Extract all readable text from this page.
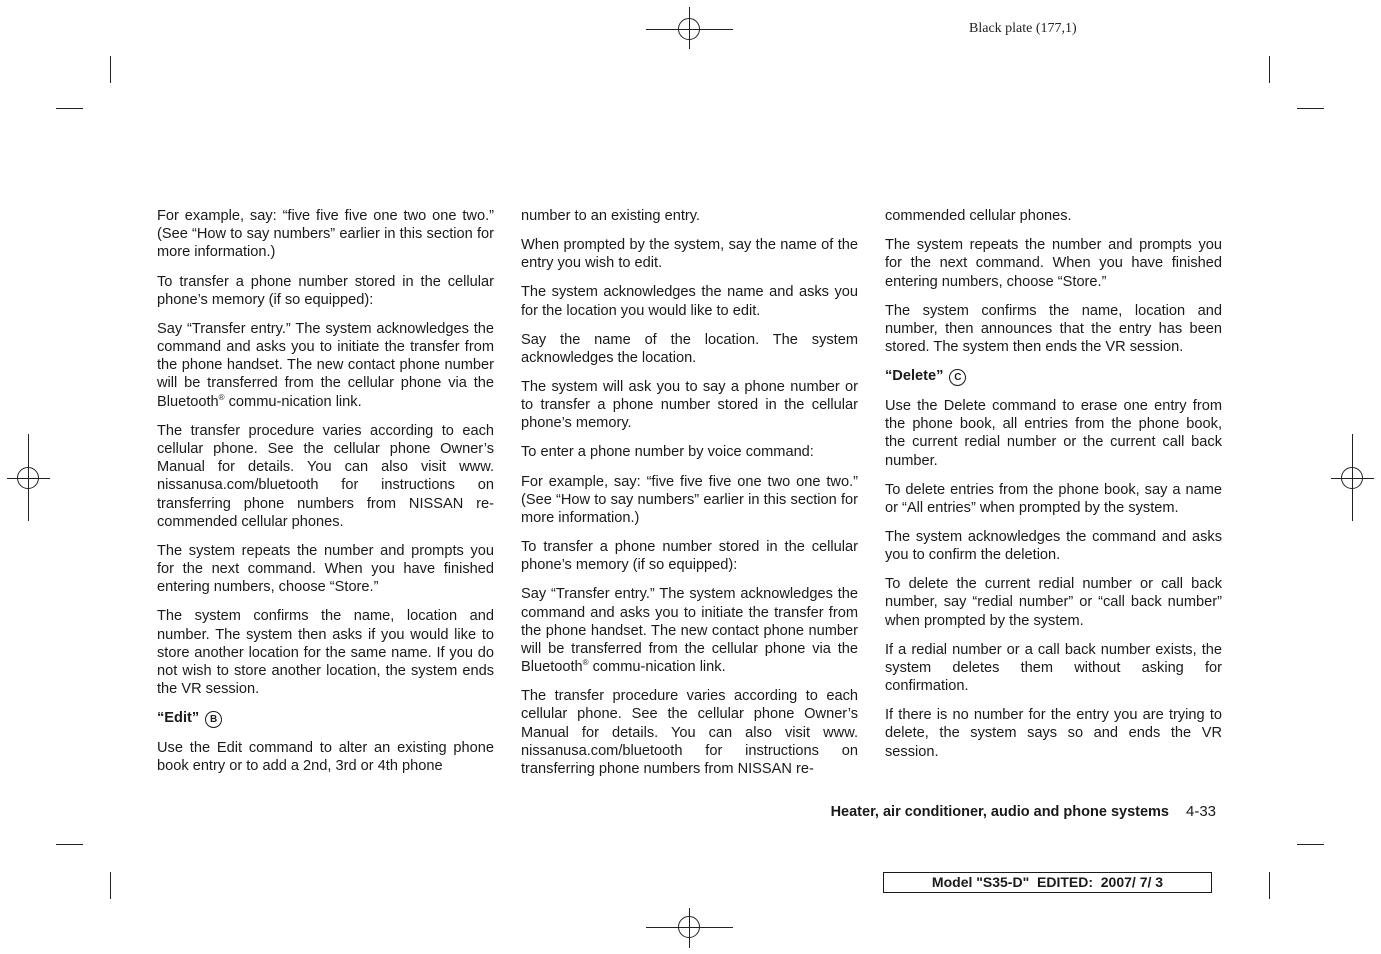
Black plate (177,1)

For example, say: “five five five one two one two.” (See “How to say numbers” earlier in this section for more information.)

To transfer a phone number stored in the cellular phone’s memory (if so equipped):

Say “Transfer entry.” The system acknowledges the command and asks you to initiate the transfer from the phone handset. The new contact phone number will be transferred from the cellular phone via the Bluetooth® commu-nication link.

The transfer procedure varies according to each cellular phone. See the cellular phone Owner’s Manual for details. You can also visit www. nissanusa.com/bluetooth for instructions on transferring phone numbers from NISSAN re-commended cellular phones.

The system repeats the number and prompts you for the next command. When you have finished entering numbers, choose “Store.”

The system confirms the name, location and number. The system then asks if you would like to store another location for the same name. If you do not wish to store another location, the system ends the VR session.

“Edit” B

Use the Edit command to alter an existing phone book entry or to add a 2nd, 3rd or 4th phone

number to an existing entry.

When prompted by the system, say the name of the entry you wish to edit.

The system acknowledges the name and asks you for the location you would like to edit.

Say the name of the location. The system acknowledges the location.

The system will ask you to say a phone number or to transfer a phone number stored in the cellular phone’s memory.

To enter a phone number by voice command:

For example, say: “five five five one two one two.” (See “How to say numbers” earlier in this section for more information.)

To transfer a phone number stored in the cellular phone’s memory (if so equipped):

Say “Transfer entry.” The system acknowledges the command and asks you to initiate the transfer from the phone handset. The new contact phone number will be transferred from the cellular phone via the Bluetooth® commu-nication link.

The transfer procedure varies according to each cellular phone. See the cellular phone Owner’s Manual for details. You can also visit www. nissanusa.com/bluetooth for instructions on transferring phone numbers from NISSAN re-

commended cellular phones.

The system repeats the number and prompts you for the next command. When you have finished entering numbers, choose “Store.”

The system confirms the name, location and number, then announces that the entry has been stored. The system then ends the VR session.

“Delete” C

Use the Delete command to erase one entry from the phone book, all entries from the phone book, the current redial number or the current call back number.

To delete entries from the phone book, say a name or “All entries” when prompted by the system.

The system acknowledges the command and asks you to confirm the deletion.

To delete the current redial number or call back number, say “redial number” or “call back number” when prompted by the system.

If a redial number or a call back number exists, the system deletes them without asking for confirmation.

If there is no number for the entry you are trying to delete, the system says so and ends the VR session.

Heater, air conditioner, audio and phone systems 4-33
Model "S35-D"  EDITED:  2007/ 7/ 3
